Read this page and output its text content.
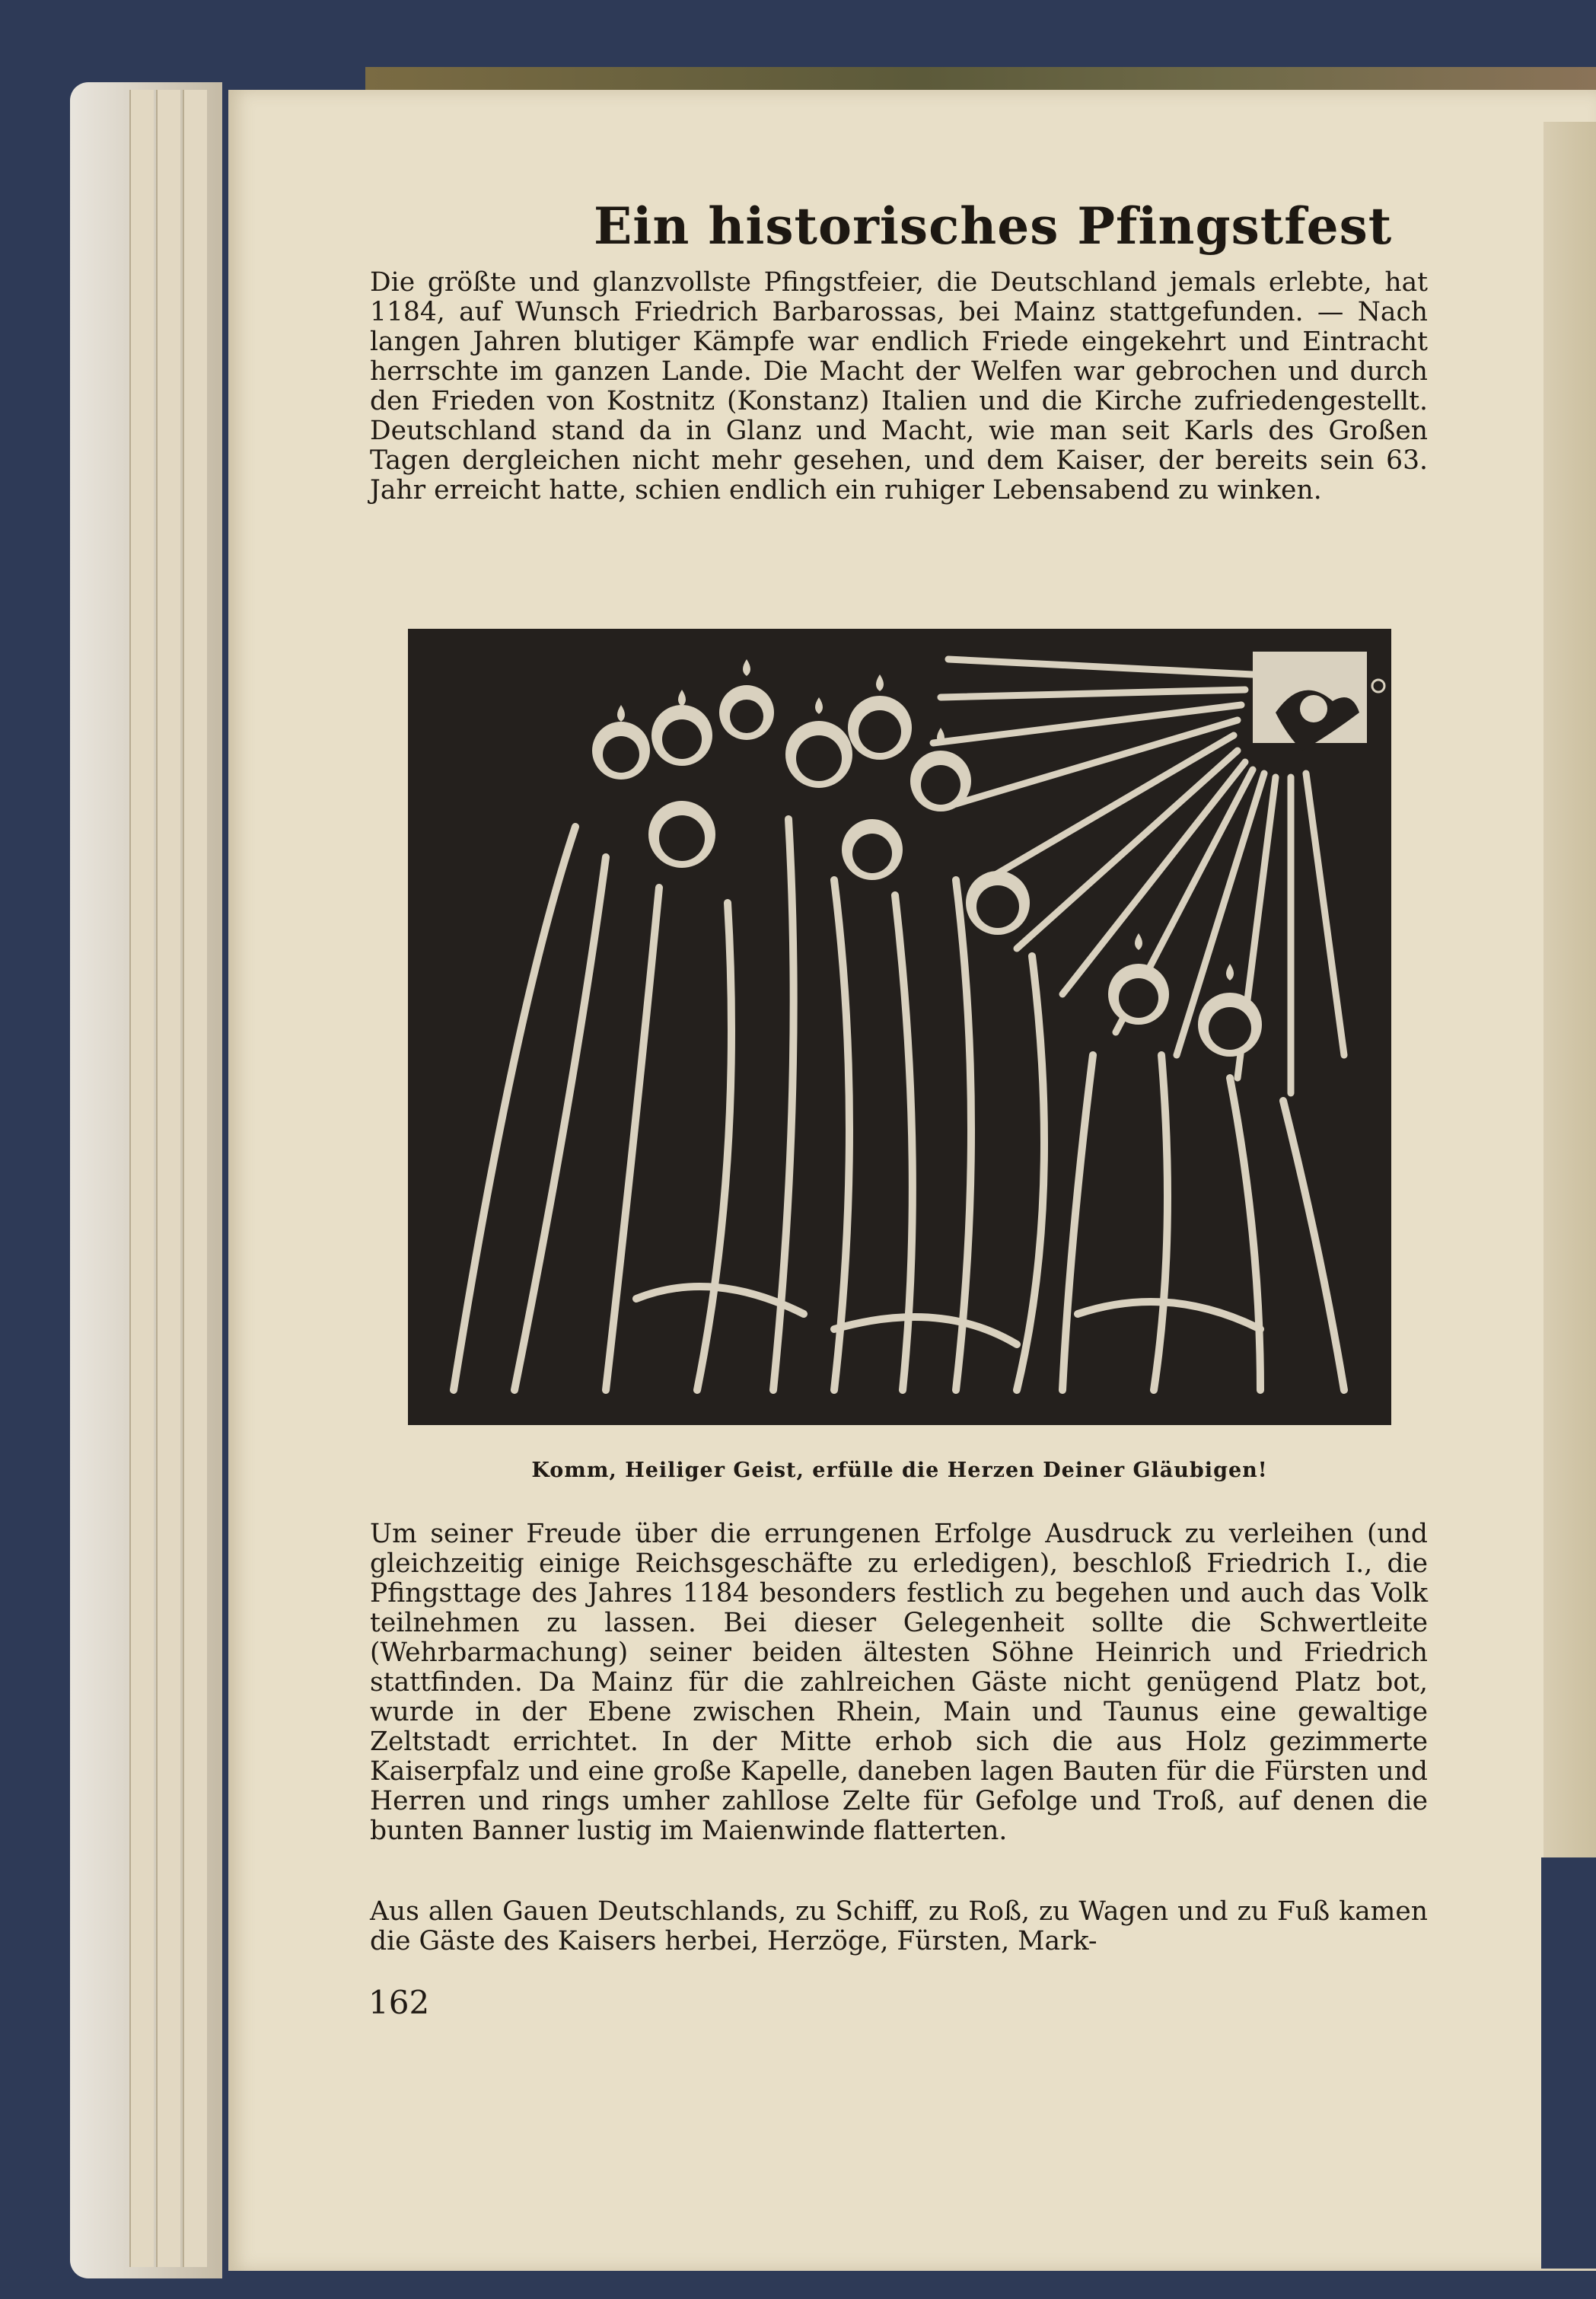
Ein historisches Pfingstfest

Die größte und glanzvollste Pfingstfeier, die Deutschland jemals erlebte, hat 1184, auf Wunsch Friedrich Barbarossas, bei Mainz stattgefunden. — Nach langen Jahren blutiger Kämpfe war endlich Friede eingekehrt und Eintracht herrschte im ganzen Lande. Die Macht der Welfen war gebrochen und durch den Frieden von Kostnitz (Konstanz) Italien und die Kirche zufriedengestellt. Deutschland stand da in Glanz und Macht, wie man seit Karls des Großen Tagen dergleichen nicht mehr gesehen, und dem Kaiser, der bereits sein 63. Jahr erreicht hatte, schien endlich ein ruhiger Lebensabend zu winken.

Komm, Heiliger Geist, erfülle die Herzen Deiner Gläubigen!

Um seiner Freude über die errungenen Erfolge Ausdruck zu verleihen (und gleichzeitig einige Reichsgeschäfte zu erledigen), beschloß Friedrich I., die Pfingsttage des Jahres 1184 besonders festlich zu begehen und auch das Volk teilnehmen zu lassen. Bei dieser Gelegenheit sollte die Schwertleite (Wehrbarmachung) seiner beiden ältesten Söhne Heinrich und Friedrich stattfinden. Da Mainz für die zahlreichen Gäste nicht genügend Platz bot, wurde in der Ebene zwischen Rhein, Main und Taunus eine gewaltige Zeltstadt errichtet. In der Mitte erhob sich die aus Holz gezimmerte Kaiserpfalz und eine große Kapelle, daneben lagen Bauten für die Fürsten und Herren und rings umher zahllose Zelte für Gefolge und Troß, auf denen die bunten Banner lustig im Maienwinde flatterten.

Aus allen Gauen Deutschlands, zu Schiff, zu Roß, zu Wagen und zu Fuß kamen die Gäste des Kaisers herbei, Herzöge, Fürsten, Mark-

162
